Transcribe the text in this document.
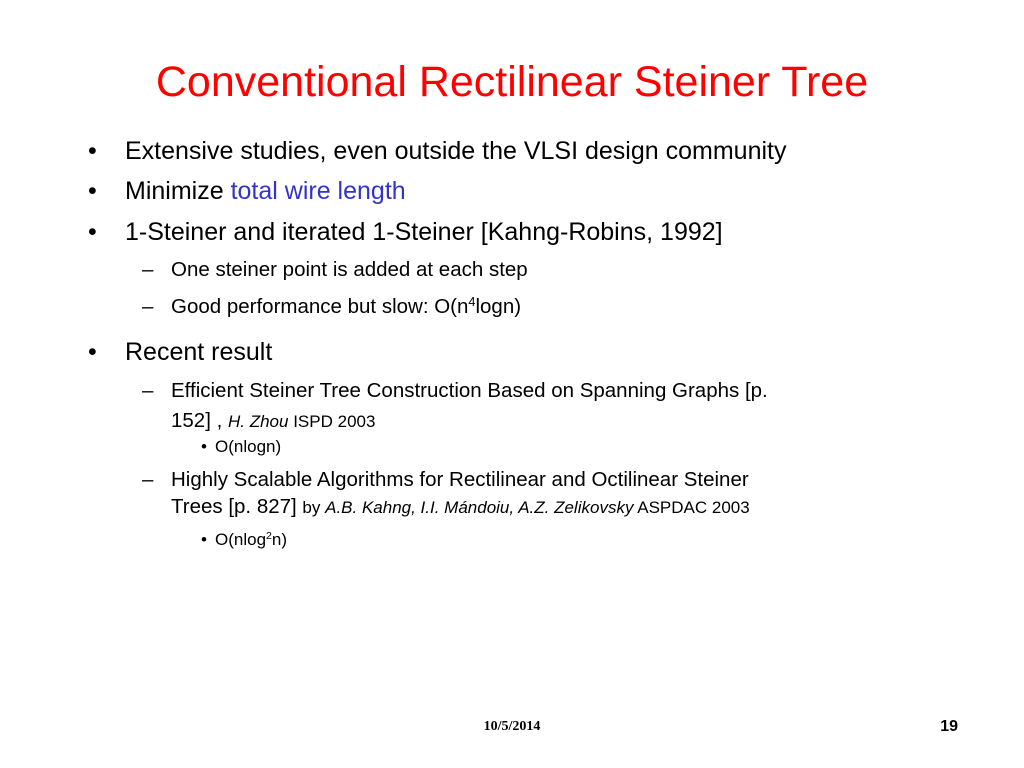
Conventional Rectilinear Steiner Tree
• Extensive studies, even outside the VLSI design community
• Minimize total wire length
• 1-Steiner and iterated 1-Steiner [Kahng-Robins, 1992]
– One steiner point is added at each step
– Good performance but slow: $O(n^4\log n)$
• Recent result
– Efficient Steiner Tree Construction Based on Spanning Graphs [p.
152] , H. Zhou ISPD 2003
• O(nlogn)
– Highly Scalable Algorithms for Rectilinear and Octilinear Steiner
Trees [p. 827] by A.B. Kahng, I.I. Mándoiu, A.Z. Zelikovsky ASPDAC 2003
• O(nlog$^2$n)
10/5/2014	19
